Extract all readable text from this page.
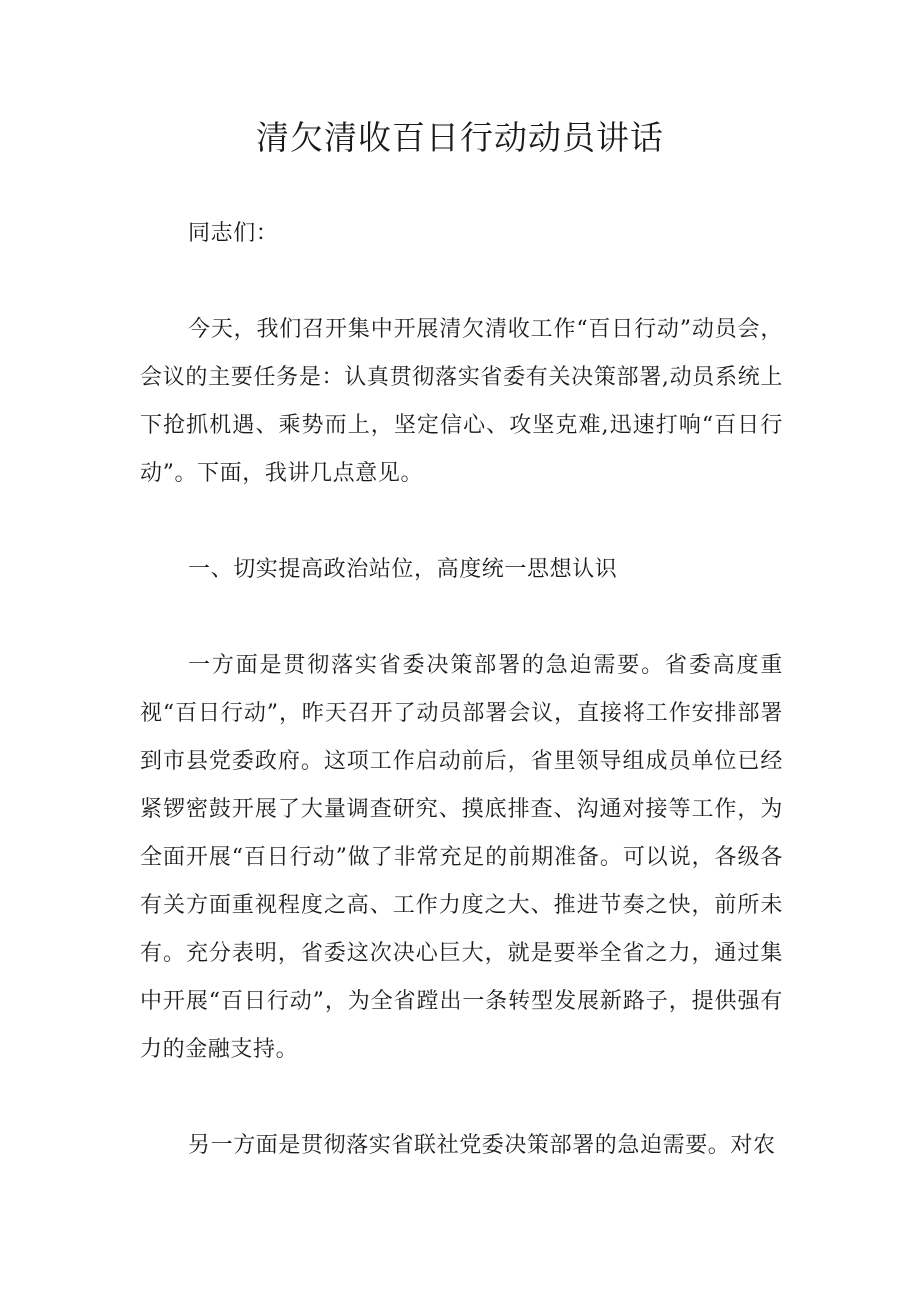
清欠清收百日行动动员讲话

同志们：

今天，我们召开集中开展清欠清收工作“百日行动”动员会，会议的主要任务是：认真贯彻落实省委有关决策部署,动员系统上下抢抓机遇、乘势而上，坚定信心、攻坚克难,迅速打响“百日行动”。下面，我讲几点意见。

一、切实提高政治站位，高度统一思想认识

一方面是贯彻落实省委决策部署的急迫需要。省委高度重视“百日行动”，昨天召开了动员部署会议，直接将工作安排部署到市县党委政府。这项工作启动前后，省里领导组成员单位已经紧锣密鼓开展了大量调查研究、摸底排查、沟通对接等工作，为全面开展“百日行动”做了非常充足的前期准备。可以说，各级各有关方面重视程度之高、工作力度之大、推进节奏之快，前所未有。充分表明，省委这次决心巨大，就是要举全省之力，通过集中开展“百日行动”，为全省蹚出一条转型发展新路子，提供强有力的金融支持。

另一方面是贯彻落实省联社党委决策部署的急迫需要。对农
